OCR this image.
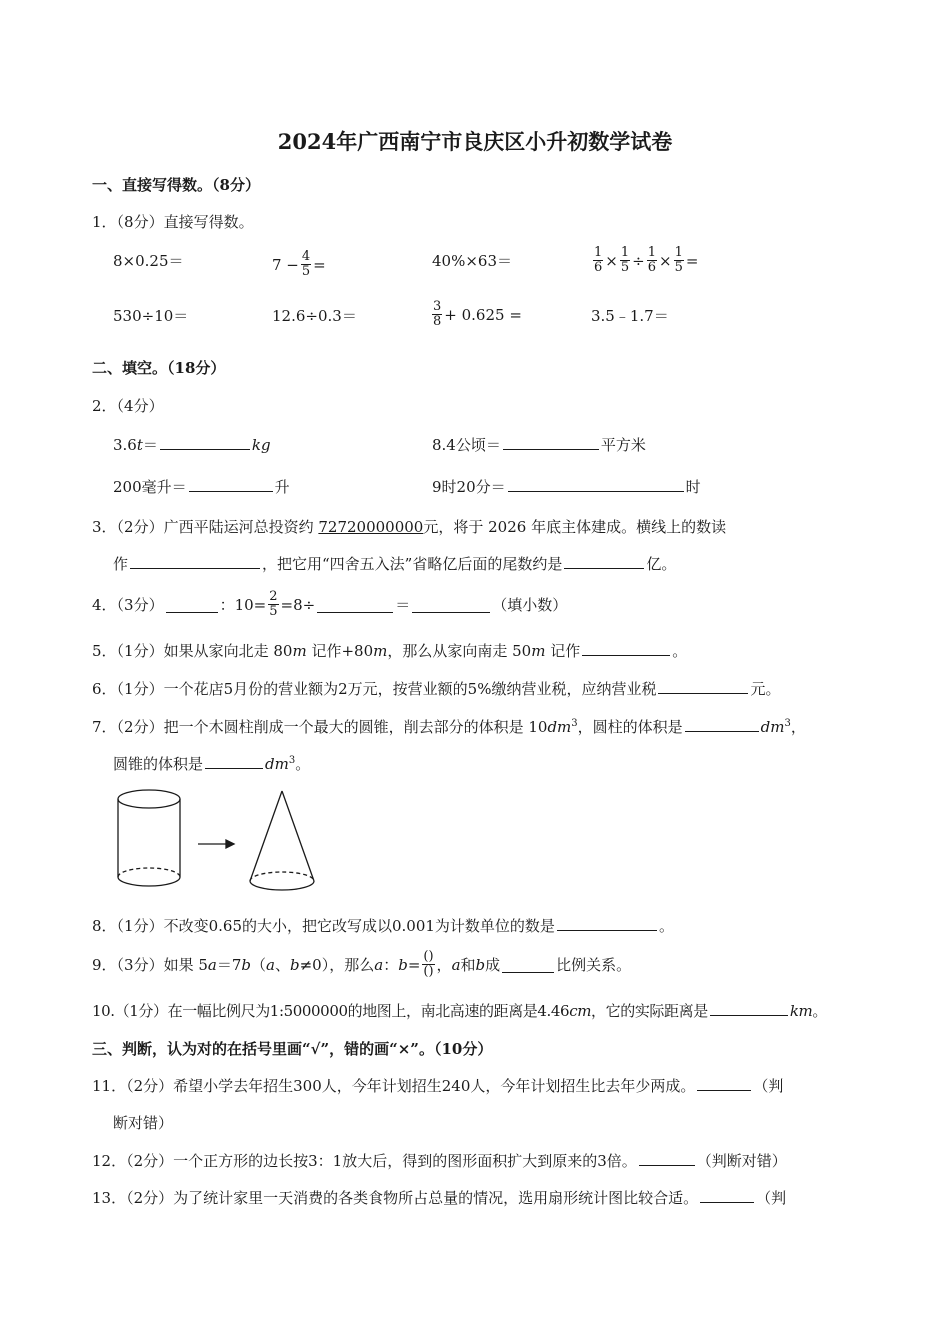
2024年广西南宁市良庆区小升初数学试卷
一、直接写得数。（8分）
1．（8分）直接写得数。
8×0.25＝	$7 - \frac{4}{5}$ =	40%×63＝	$\frac{1}{6} \times \frac{1}{5} \div \frac{1}{6} \times \frac{1}{5}$ =
530÷10＝	12.6÷0.3＝	$\frac{3}{8} + 0.625$ =	3.5﹣1.7＝
二、填空。（18分）
2．（4分）
3.6t＝	kg	8.4公顷＝	平方米
200毫升＝	升	9时20分＝	时
3．（2分）广西平陆运河总投资约 72720000000元，将于 2026 年底主体建成。横线上的数读
作	，把它用“四舍五入法”省略亿后面的尾数约是	亿。
4．（3分）	：$10= \frac{2}{5} =8\div$	＝	（填小数）
5．（1分）如果从家向北走 80m 记作+80m，那么从家向南走 50m 记作	。
6．（1分）一个花店5月份的营业额为2万元，按营业额的5%缴纳营业税，应纳营业税	元。
7．（2分）把一个木圆柱削成一个最大的圆锥，削去部分的体积是 $10dm^3$，圆柱的体积是	$dm^3$，
圆锥的体积是	$dm^3$。
8．（1分）不改变0.65的大小，把它改写成以0.001为计数单位的数是	。
9．（3分）如果 5 a ＝7 b （ a 、 b ≠0），那么 a ： $b = \frac{()}{()}$ ， a 和 b 成	比例关系。
10.（1分）在一幅比例尺为1:5000000的地图上，南北高速的距离是4.46cm，它的实际距离是	km。
三、判断，认为对的在括号里画“√”，错的画“×”。（10分）
11．（2分）希望小学去年招生300人，今年计划招生240人，今年计划招生比去年少两成。	（判
断对错）
12．（2分）一个正方形的边长按3：1放大后，得到的图形面积扩大到原来的3倍。	（判断对错）
13．（2分）为了统计家里一天消费的各类食物所占总量的情况，选用扇形统计图比较合适。	（判
